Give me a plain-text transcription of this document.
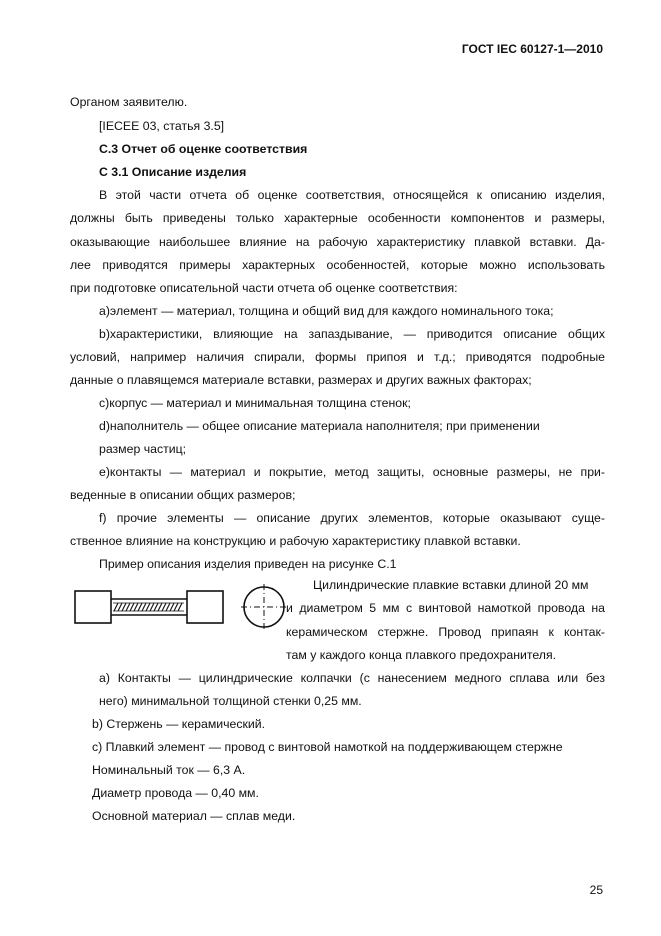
ГОСТ IEC 60127-1—2010
Органом заявителю.
[IECEE 03, статья 3.5]
С.3 Отчет об оценке соответствия
С 3.1 Описание изделия
В этой части отчета об оценке соответствия, относящейся к описанию изделия,
должны быть приведены только характерные особенности компонентов и размеры,
оказывающие наибольшее влияние на рабочую характеристику плавкой вставки. Да-
лее приводятся примеры характерных особенностей, которые можно использовать
при подготовке описательной части отчета об оценке соответствия:
a)элемент — материал, толщина и общий вид для каждого номинального тока;
b)характеристики, влияющие на запаздывание, — приводится описание общих
условий, например наличия спирали, формы припоя и т.д.; приводятся подробные
данные о плавящемся материале вставки, размерах и других важных факторах;
c)корпус — материал и минимальная толщина стенок;
d)наполнитель — общее описание материала наполнителя; при применении
размер частиц;
e)контакты — материал и покрытие, метод защиты, основные размеры, не при-
веденные в описании общих размеров;
f) прочие элементы — описание других элементов, которые оказывают суще-
ственное влияние на конструкцию и рабочую характеристику плавкой вставки.
Пример описания изделия приведен на рисунке С.1
Цилиндрические плавкие вставки длиной 20 мм
и диаметром 5 мм с винтовой намоткой провода на
керамическом стержне. Провод припаян к контак-
там у каждого конца плавкого предохранителя.
a) Контакты — цилиндрические колпачки (с нанесением медного сплава или без
него) минимальной толщиной стенки 0,25 мм.
b) Стержень — керамический.
c) Плавкий элемент — провод с винтовой намоткой на поддерживающем стержне
Номинальный ток — 6,3 А.
Диаметр провода — 0,40 мм.
Основной материал — сплав меди.
25
